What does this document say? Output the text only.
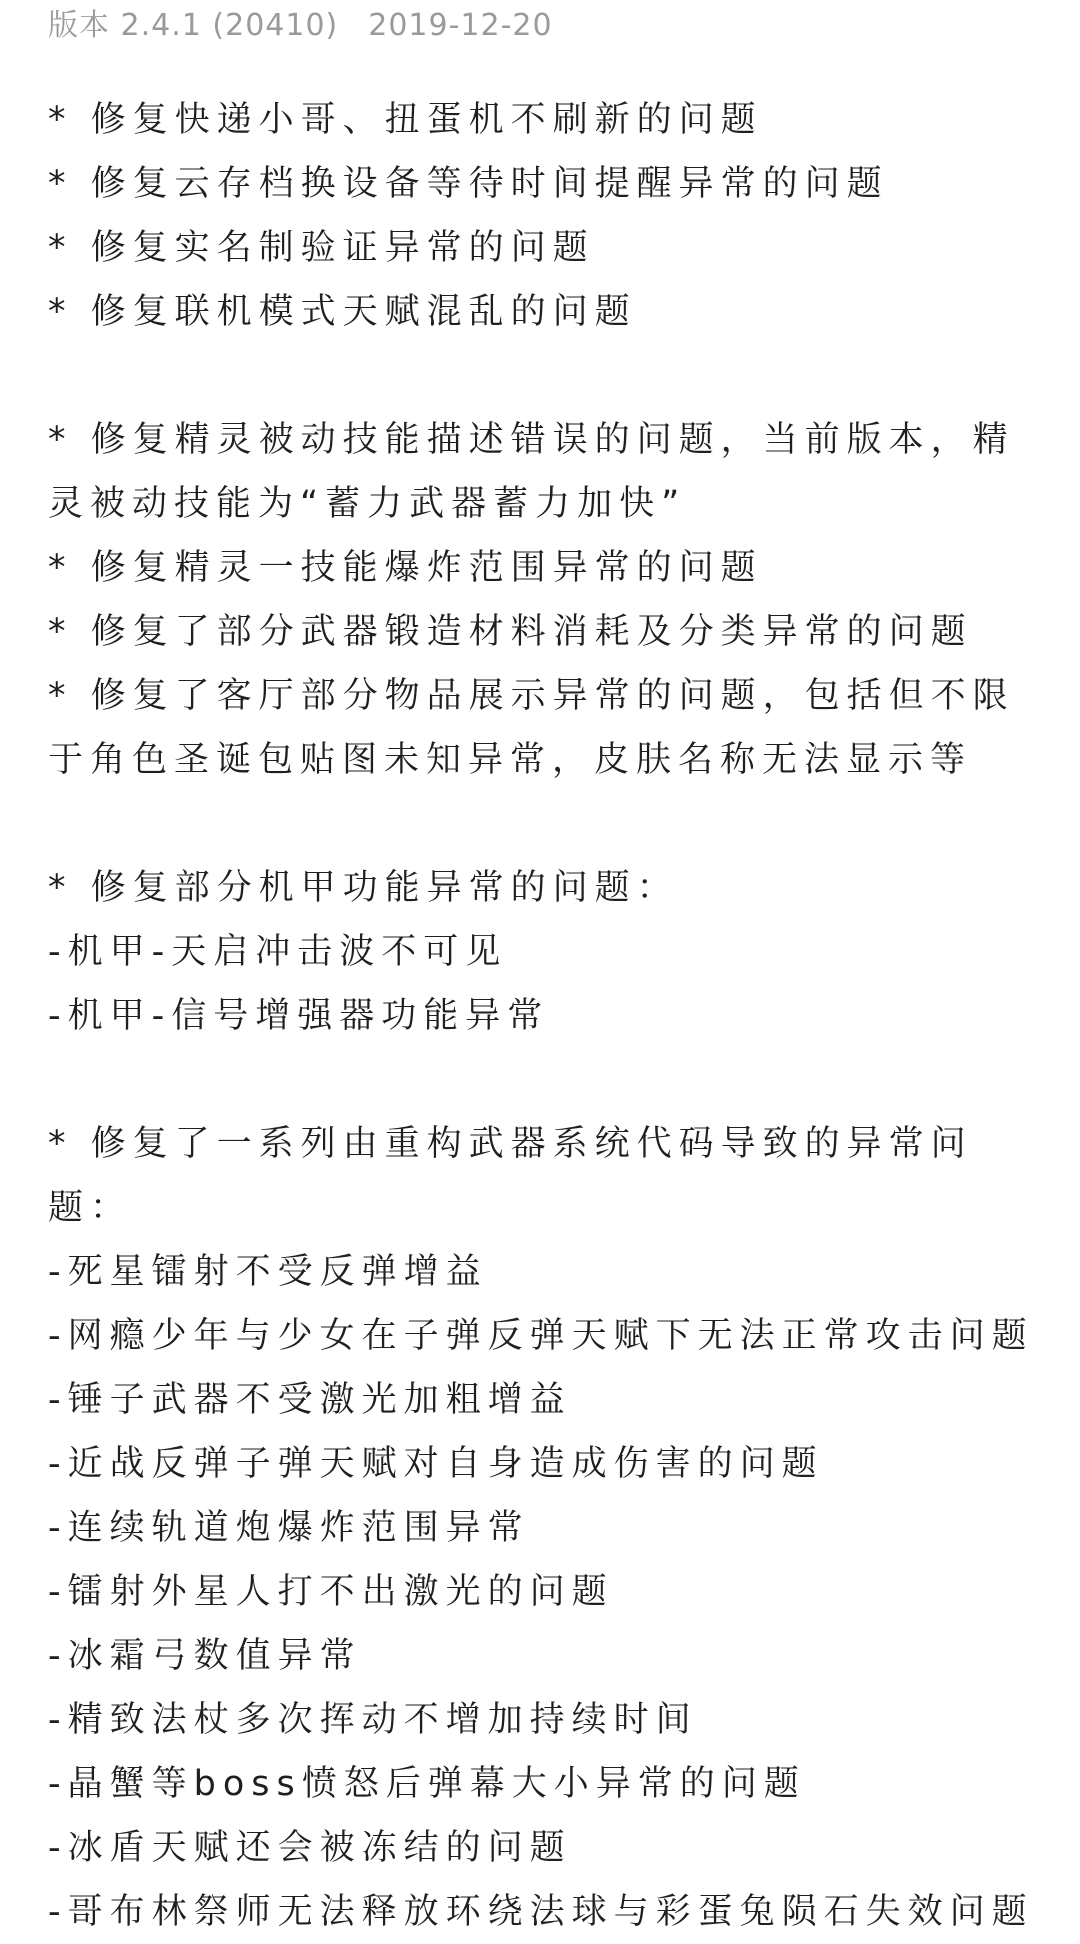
版本 2.4.1 (20410) 2019-12-20
* 修复快递小哥、扭蛋机不刷新的问题
* 修复云存档换设备等待时间提醒异常的问题
* 修复实名制验证异常的问题
* 修复联机模式天赋混乱的问题
* 修复精灵被动技能描述错误的问题，当前版本，精
灵被动技能为“蓄力武器蓄力加快”
* 修复精灵一技能爆炸范围异常的问题
* 修复了部分武器锻造材料消耗及分类异常的问题
* 修复了客厅部分物品展示异常的问题，包括但不限
于角色圣诞包贴图未知异常，皮肤名称无法显示等
* 修复部分机甲功能异常的问题：
-机甲-天启冲击波不可见
-机甲-信号增强器功能异常
* 修复了一系列由重构武器系统代码导致的异常问
题：
-死星镭射不受反弹增益
-网瘾少年与少女在子弹反弹天赋下无法正常攻击问题
-锤子武器不受激光加粗增益
-近战反弹子弹天赋对自身造成伤害的问题
-连续轨道炮爆炸范围异常
-镭射外星人打不出激光的问题
-冰霜弓数值异常
-精致法杖多次挥动不增加持续时间
-晶蟹等boss愤怒后弹幕大小异常的问题
-冰盾天赋还会被冻结的问题
-哥布林祭师无法释放环绕法球与彩蛋兔陨石失效问题
